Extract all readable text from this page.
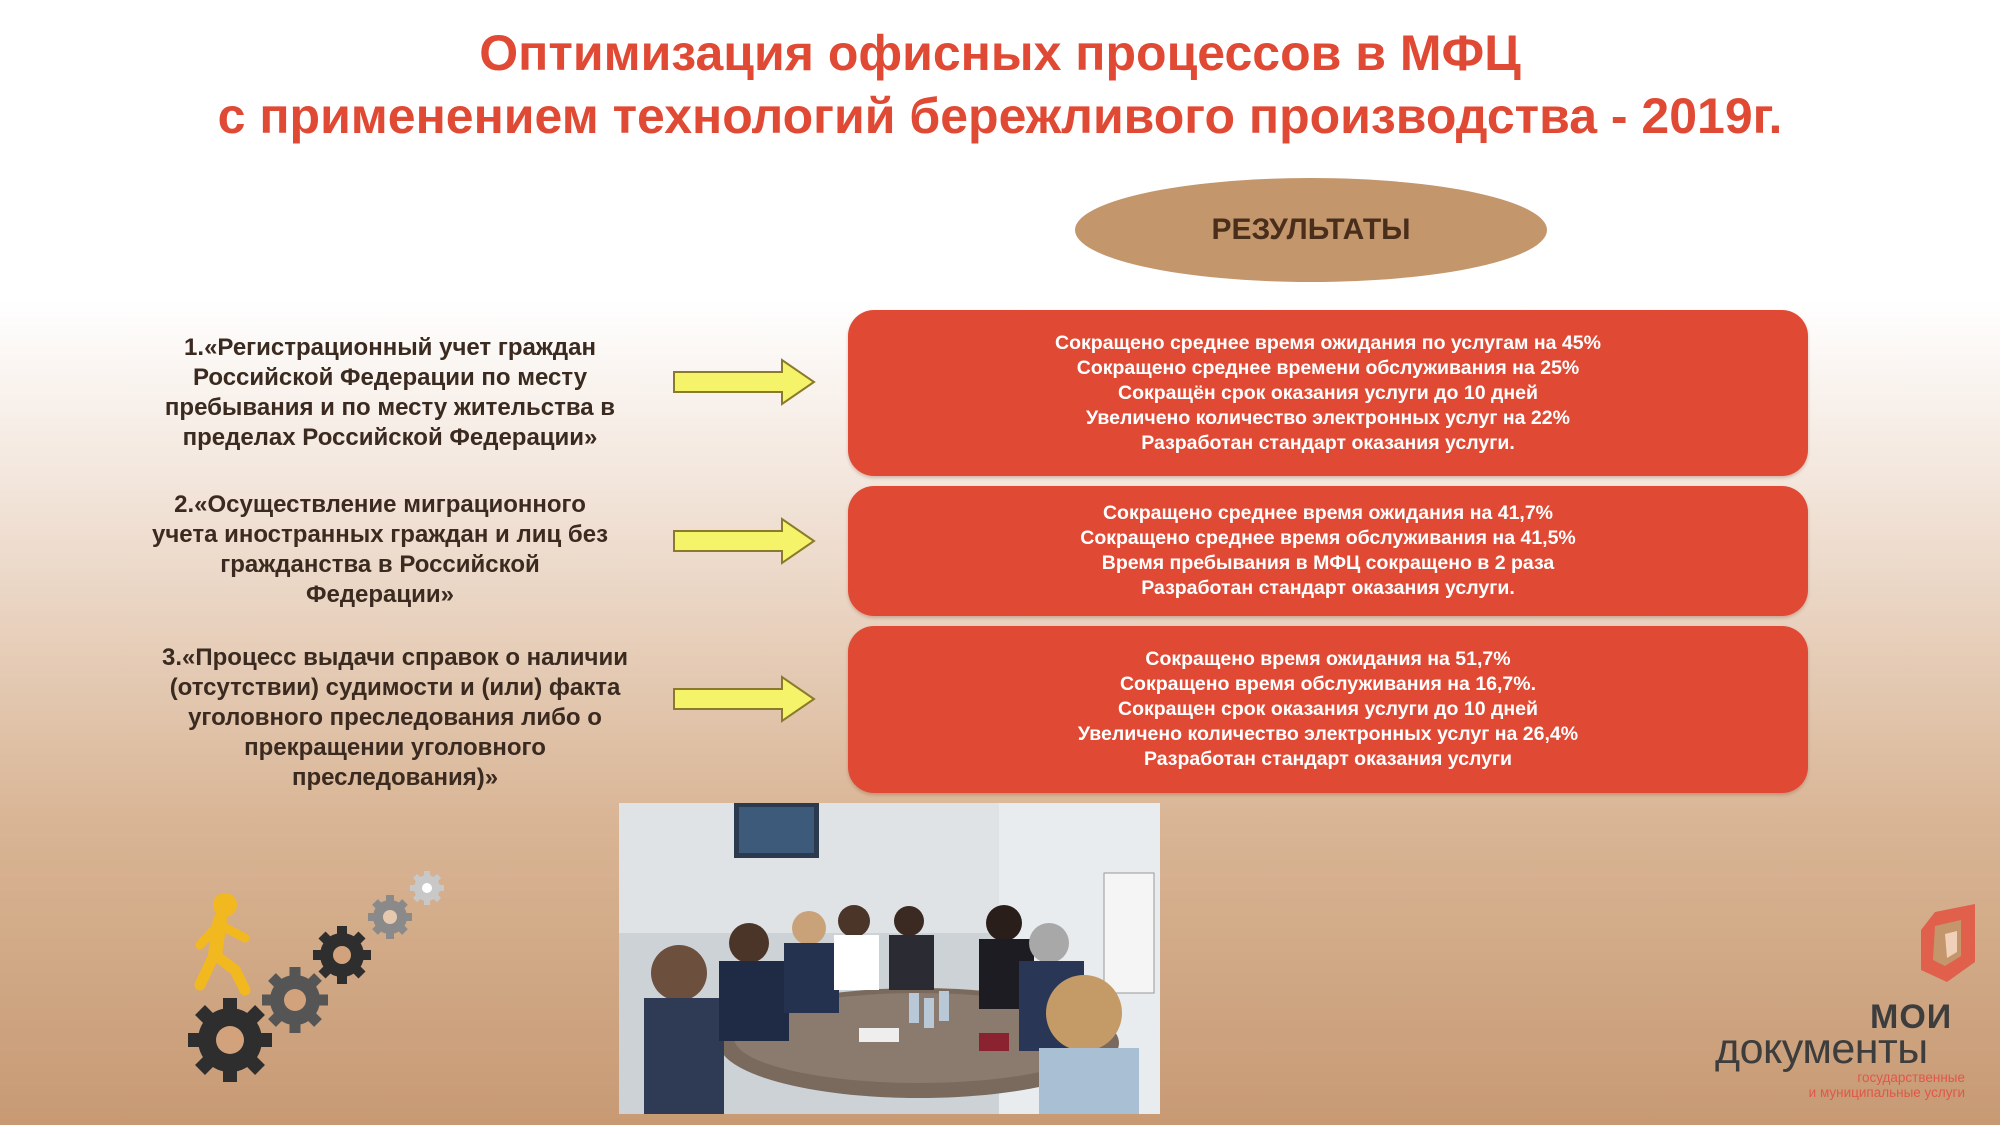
Оптимизация офисных процессов в МФЦ
с применением технологий бережливого производства - 2019г.
РЕЗУЛЬТАТЫ
1.«Регистрационный учет граждан
Российской Федерации по месту
пребывания и по месту жительства в
пределах Российской Федерации»
Сокращено среднее время ожидания по услугам на 45%
Сокращено среднее времени обслуживания на 25%
Сокращён срок оказания услуги до 10 дней
Увеличено количество электронных услуг на 22%
Разработан стандарт оказания услуги.
2.«Осуществление миграционного
учета иностранных граждан и лиц без
гражданства в Российской
Федерации»
Сокращено среднее время ожидания на 41,7%
Сокращено среднее время обслуживания на 41,5%
Время пребывания в МФЦ сокращено в 2 раза
Разработан стандарт оказания услуги.
3.«Процесс выдачи справок о наличии
(отсутствии) судимости и (или) факта
уголовного преследования либо о
прекращении уголовного
преследования)»
Сокращено время ожидания на 51,7%
Сокращено время обслуживания на 16,7%.
Сокращен срок оказания услуги до 10 дней
Увеличено количество электронных услуг на 26,4%
Разработан стандарт оказания услуги
МОИ
документы
государственные
и муниципальные услуги
